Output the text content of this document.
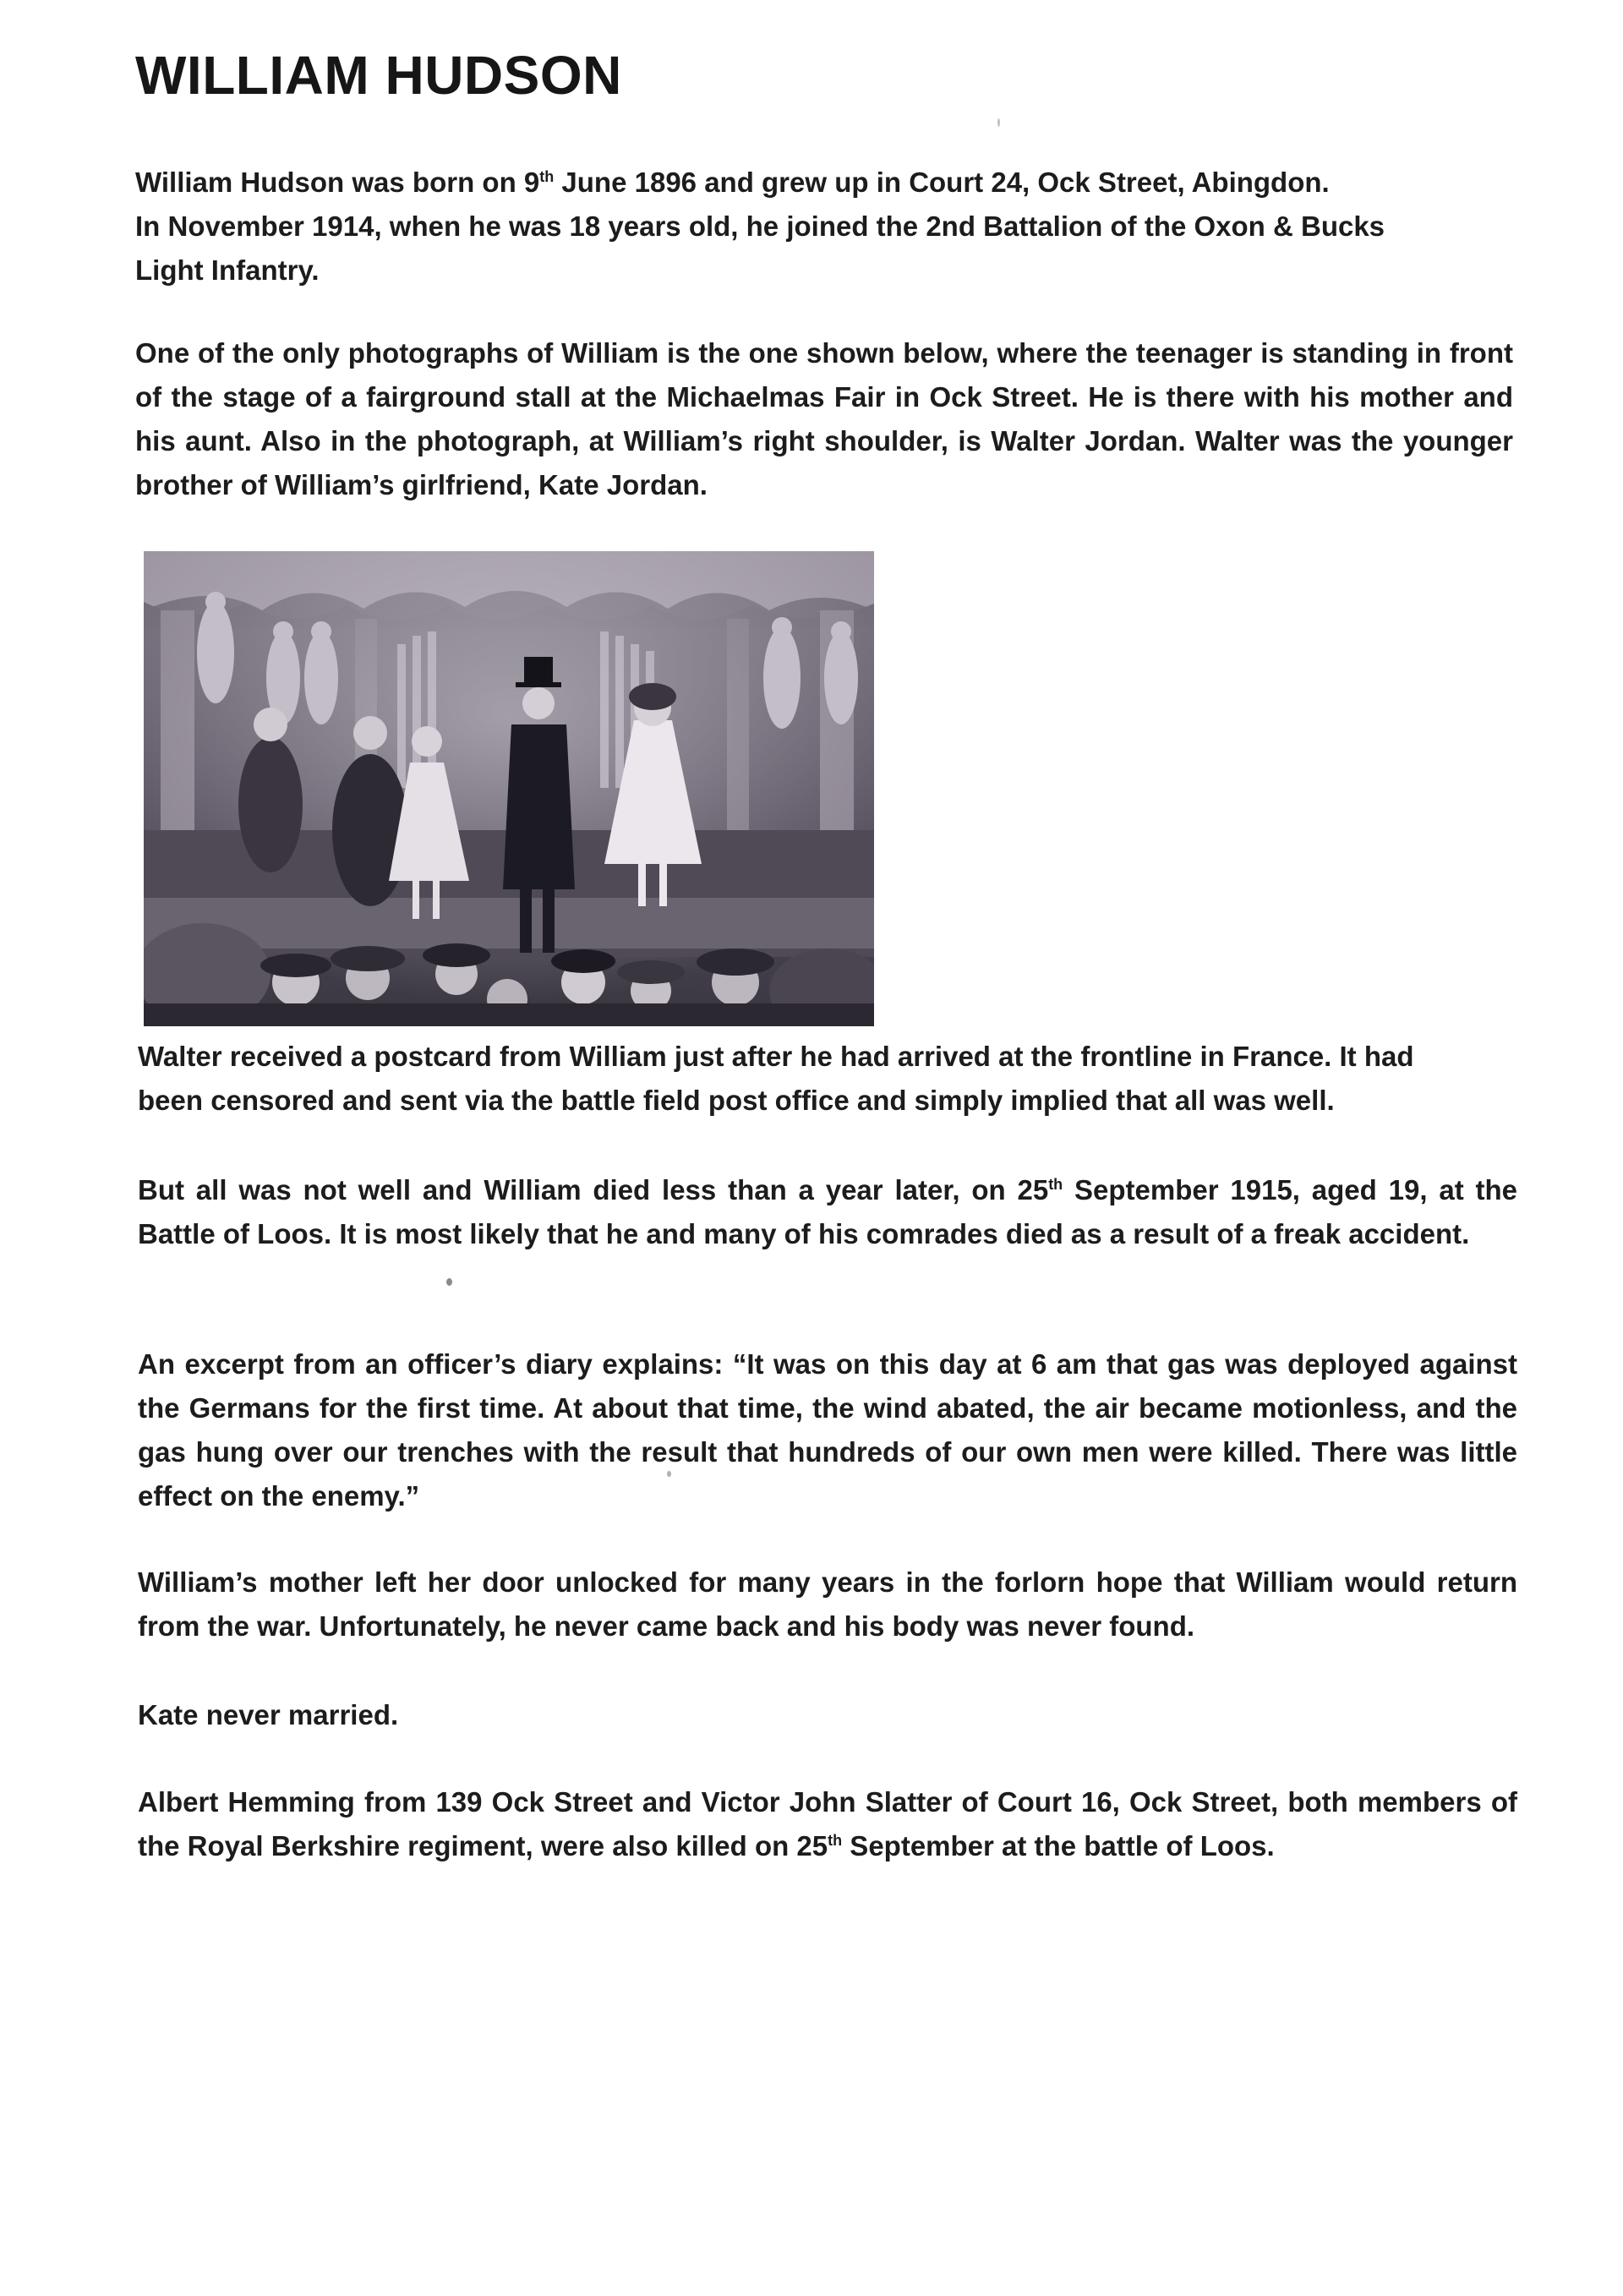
WILLIAM HUDSON

William Hudson was born on 9th June 1896 and grew up in Court 24, Ock Street, Abingdon.
In November 1914, when he was 18 years old, he joined the 2nd Battalion of the Oxon & Bucks Light Infantry.

One of the only photographs of William is the one shown below, where the teenager is standing in front of the stage of a fairground stall at the Michaelmas Fair in Ock Street. He is there with his mother and his aunt. Also in the photograph, at William’s right shoulder, is Walter Jordan. Walter was the younger brother of William’s girlfriend, Kate Jordan.

Walter received a postcard from William just after he had arrived at the frontline in France. It had been censored and sent via the battle field post office and simply implied that all was well.

But all was not well and William died less than a year later, on 25th September 1915, aged 19, at the Battle of Loos. It is most likely that he and many of his comrades died as a result of a freak accident.

An excerpt from an officer’s diary explains: “It was on this day at 6 am that gas was deployed against the Germans for the first time. At about that time, the wind abated, the air became motionless, and the gas hung over our trenches with the result that hundreds of our own men were killed. There was little effect on the enemy.”

William’s mother left her door unlocked for many years in the forlorn hope that William would return from the war. Unfortunately, he never came back and his body was never found.

Kate never married.

Albert Hemming from 139 Ock Street and Victor John Slatter of Court 16, Ock Street, both members of the Royal Berkshire regiment, were also killed on 25th September at the battle of Loos.
